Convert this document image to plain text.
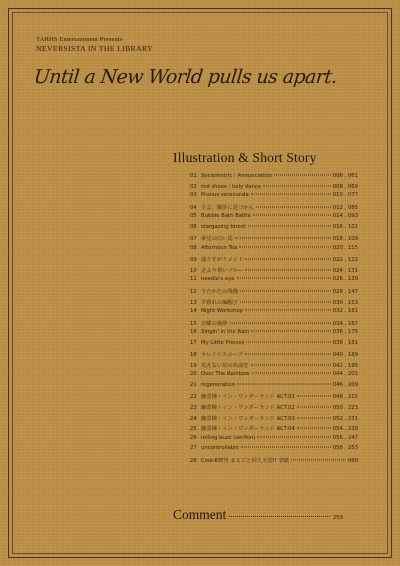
TARHS Entertainment Presents
NEVERSISTA IN THE LIBRARY
Until a New World pulls us apart.
Illustration & Short Story
01 Sociometric｜Annunciation	006 , 061
02 red shoes｜holy dance	008 , 069
03 Prunus verecunda	010 , 077
04 主よ、御許に近づかん	012 , 085
05 Bubble Bath Battle	014 , 093
06 stargazing forest	016 , 101
07 夢見の白い馬	018 , 109
08 Afternoon Tea	020 , 115
09 通りすがりメイド	022 , 122
10 金より尊いブルー	024 , 131
11 needle's eye	026 , 139
12 うたかたの残像	028 , 147
13 夕暮れの麺帽子	030 , 153
14 Night Workshop	032 , 161
15 日曜の挽辞	034 , 167
16 Singin' in the Rain	036 , 175
17 My Little Princes	038 , 181
18 カレイドスコープ	040 , 189
19 見えない星の名前を	042 , 195
20 Over The Rainbow	044 , 201
21 regeneration	046 , 209
22 幽霊棟・イン・ワンダーランド ACT.01	048 , 215
23 幽霊棟・イン・ワンダーランド ACT.02	050 , 223
24 幽霊棟・イン・ワンダーランド ACT.03	052 , 231
25 幽霊棟・イン・ワンダーランド ACT.04	054 , 239
26 rolling buzz (serifon)	056 , 247
27 uncontrollable	058 , 253
28 Cool-B増刊 まるごと同人天国!! 表紙	060
Comment	259
